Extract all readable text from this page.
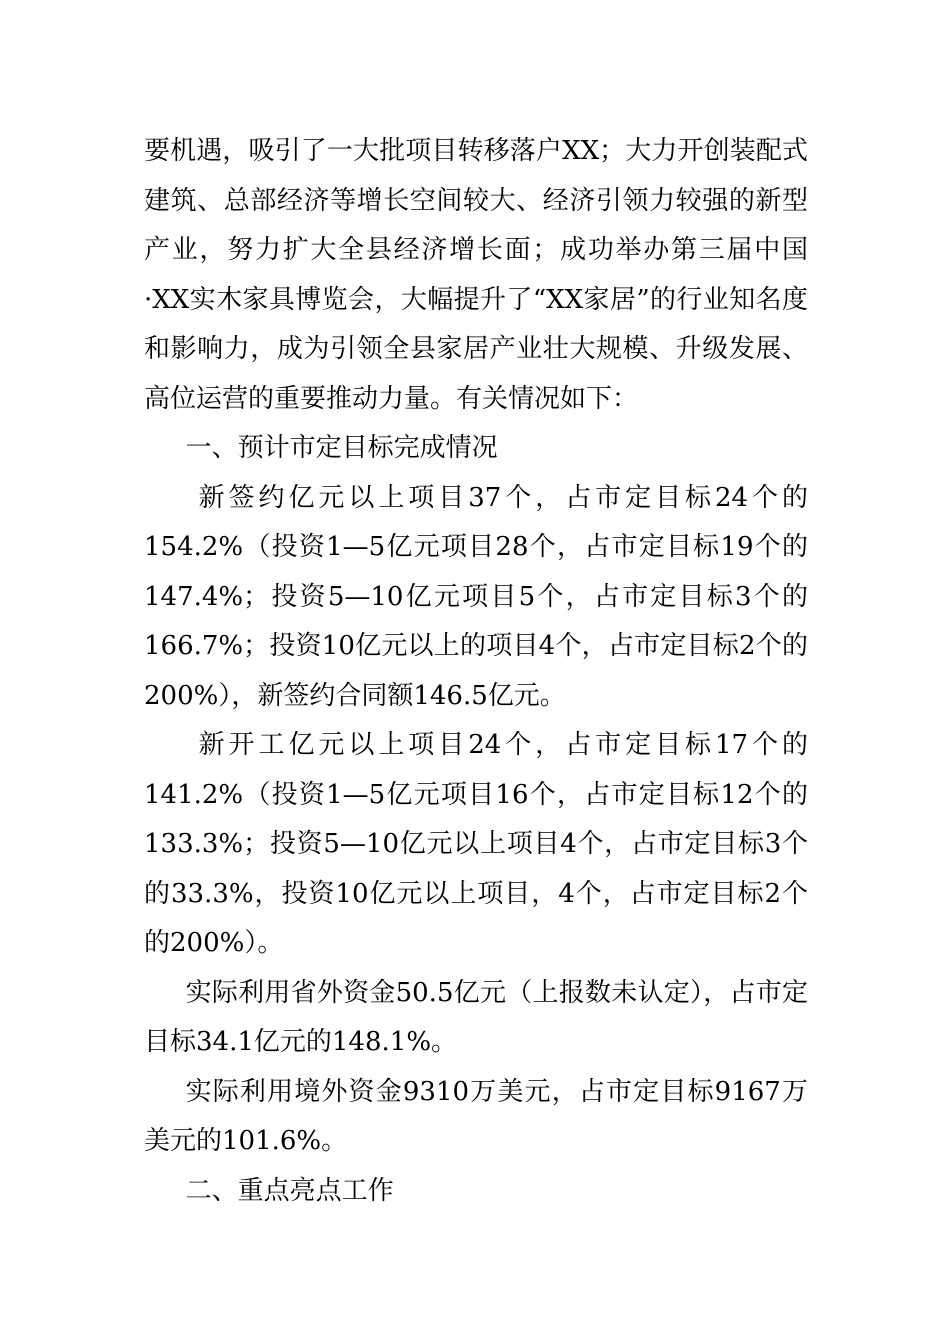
要机遇，吸引了一大批项目转移落户XX；大力开创装配式建筑、总部经济等增长空间较大、经济引领力较强的新型产业，努力扩大全县经济增长面；成功举办第三届中国·XX实木家具博览会，大幅提升了“XX家居”的行业知名度和影响力，成为引领全县家居产业壮大规模、升级发展、高位运营的重要推动力量。有关情况如下：

一、预计市定目标完成情况

新签约亿元以上项目37个，占市定目标24个的154.2%（投资1—5亿元项目28个，占市定目标19个的147.4%；投资5—10亿元项目5个，占市定目标3个的166.7%；投资10亿元以上的项目4个，占市定目标2个的200%），新签约合同额146.5亿元。

新开工亿元以上项目24个，占市定目标17个的141.2%（投资1—5亿元项目16个，占市定目标12个的133.3%；投资5—10亿元以上项目4个，占市定目标3个的33.3%，投资10亿元以上项目，4个，占市定目标2个的200%）。

实际利用省外资金50.5亿元（上报数未认定），占市定目标34.1亿元的148.1%。

实际利用境外资金9310万美元，占市定目标9167万美元的101.6%。

二、重点亮点工作
